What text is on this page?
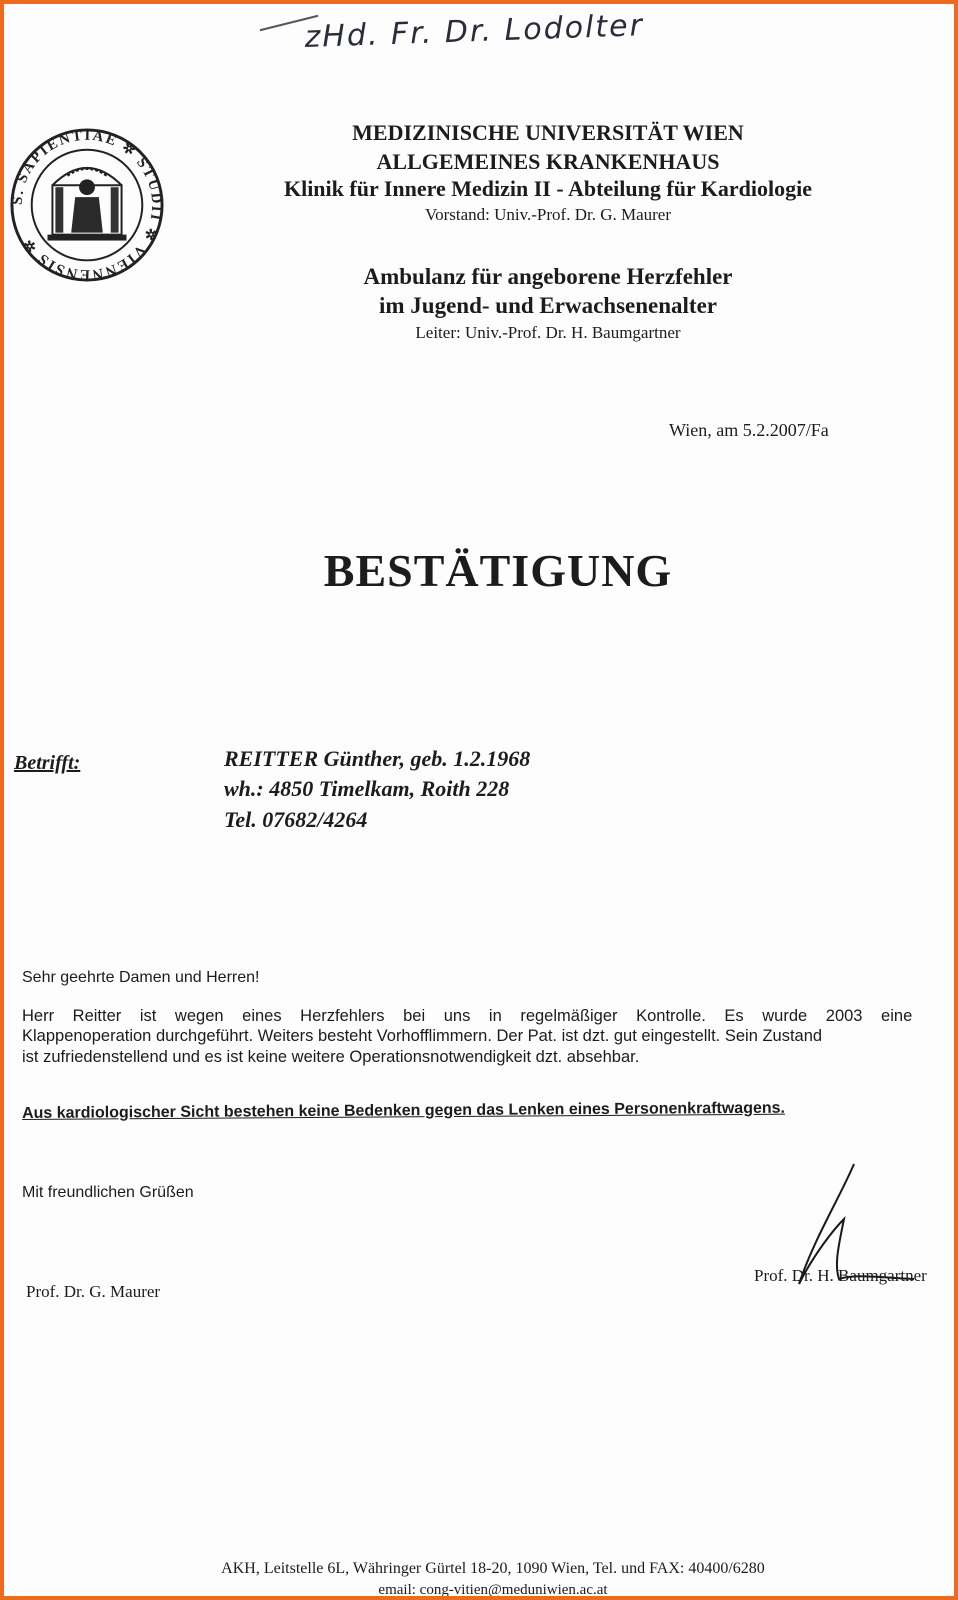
zHd. Fr. Dr. Lodolter
S. SAPIENTIAE ✲ STUDII ✲ VIENNENSIS ✲
MEDIZINISCHE UNIVERSITÄT WIEN
ALLGEMEINES KRANKENHAUS
Klinik für Innere Medizin II - Abteilung für Kardiologie
Vorstand: Univ.-Prof. Dr. G. Maurer
Ambulanz für angeborene Herzfehler
im Jugend- und Erwachsenenalter
Leiter: Univ.-Prof. Dr. H. Baumgartner
Wien, am 5.2.2007/Fa
BESTÄTIGUNG
Betrifft:	REITTER Günther, geb. 1.2.1968
wh.: 4850 Timelkam, Roith 228
Tel. 07682/4264
Sehr geehrte Damen und Herren!
Herr Reitter ist wegen eines Herzfehlers bei uns in regelmäßiger Kontrolle. Es wurde 2003 eine
Klappenoperation durchgeführt. Weiters besteht Vorhofflimmern. Der Pat. ist dzt. gut eingestellt. Sein Zustand
ist zufriedenstellend und es ist keine weitere Operationsnotwendigkeit dzt. absehbar.
Aus kardiologischer Sicht bestehen keine Bedenken gegen das Lenken eines Personenkraftwagens.
Mit freundlichen Grüßen
Prof. Dr. G. Maurer
Prof. Dr. H. Baumgartner
AKH, Leitstelle 6L, Währinger Gürtel 18-20, 1090 Wien, Tel. und FAX: 40400/6280
email: cong-vitien@meduniwien.ac.at
